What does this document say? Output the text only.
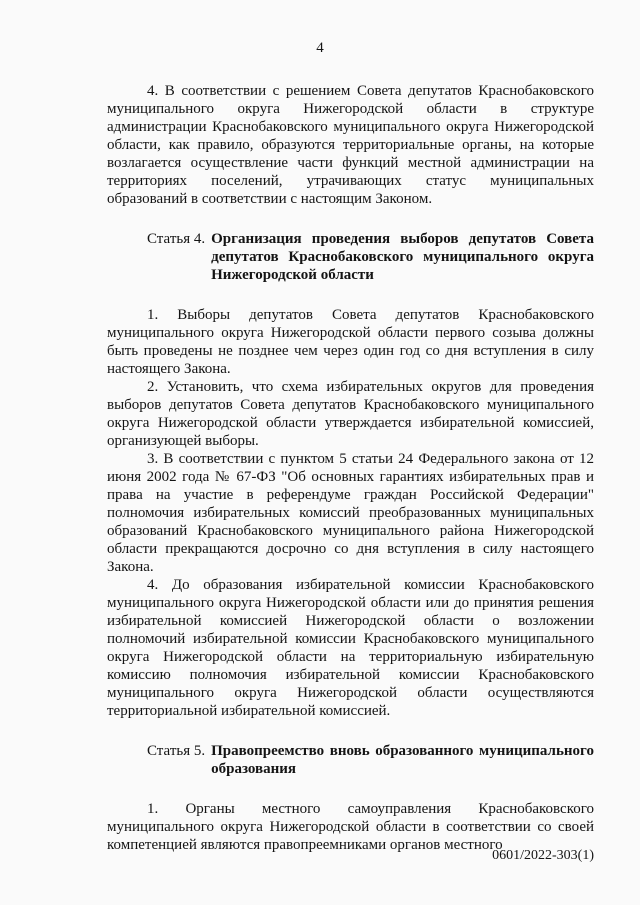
4

4. В соответствии с решением Совета депутатов Краснобаковского муниципального округа Нижегородской области в структуре администрации Краснобаковского муниципального округа Нижегородской области, как правило, образуются территориальные органы, на которые возлагается осуществление части функций местной администрации на территориях поселений, утрачивающих статус муниципальных образований в соответствии с настоящим Законом.

Статья 4. Организация проведения выборов депутатов Совета депутатов Краснобаковского муниципального округа Нижегородской области

1. Выборы депутатов Совета депутатов Краснобаковского муниципального округа Нижегородской области первого созыва должны быть проведены не позднее чем через один год со дня вступления в силу настоящего Закона.

2. Установить, что схема избирательных округов для проведения выборов депутатов Совета депутатов Краснобаковского муниципального округа Нижегородской области утверждается избирательной комиссией, организующей выборы.

3. В соответствии с пунктом 5 статьи 24 Федерального закона от 12 июня 2002 года № 67-ФЗ "Об основных гарантиях избирательных прав и права на участие в референдуме граждан Российской Федерации" полномочия избирательных комиссий преобразованных муниципальных образований Краснобаковского муниципального района Нижегородской области прекращаются досрочно со дня вступления в силу настоящего Закона.

4. До образования избирательной комиссии Краснобаковского муниципального округа Нижегородской области или до принятия решения избирательной комиссией Нижегородской области о возложении полномочий избирательной комиссии Краснобаковского муниципального округа Нижегородской области на территориальную избирательную комиссию полномочия избирательной комиссии Краснобаковского муниципального округа Нижегородской области осуществляются территориальной избирательной комиссией.

Статья 5. Правопреемство вновь образованного муниципального образования

1. Органы местного самоуправления Краснобаковского муниципального округа Нижегородской области в соответствии со своей компетенцией являются правопреемниками органов местного

0601/2022-303(1)
